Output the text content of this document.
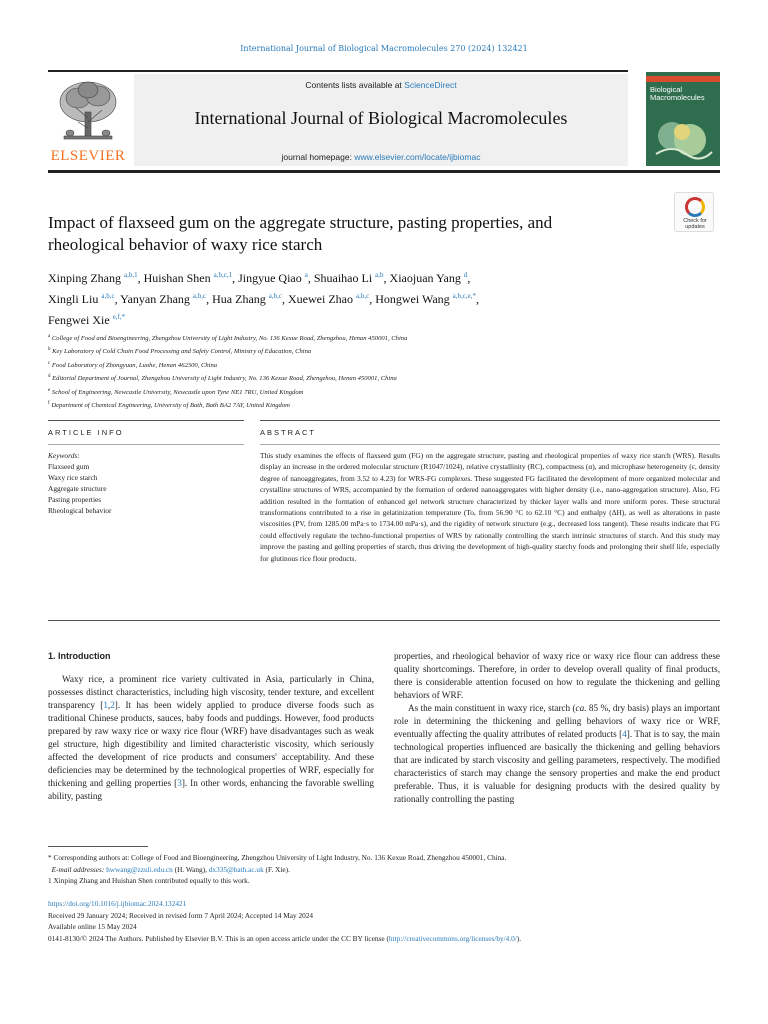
International Journal of Biological Macromolecules 270 (2024) 132421
ELSEVIER
Contents lists available at ScienceDirect
International Journal of Biological Macromolecules
journal homepage: www.elsevier.com/locate/ijbiomac
Biological Macromolecules
Impact of flaxseed gum on the aggregate structure, pasting properties, and
rheological behavior of waxy rice starch
Check for updates
Xinping Zhang $^{a,b,1}$, Huishan Shen $^{a,b,c,1}$, Jingyue Qiao $^a$, Shuaihao Li $^{a,b}$, Xiaojuan Yang $^d$,
Xingli Liu $^{a,b,c}$, Yanyan Zhang $^{a,b,c}$, Hua Zhang $^{a,b,c}$, Xuewei Zhao $^{a,b,c}$, Hongwei Wang $^{a,b,c,e,*}$,
Fengwei Xie $^{e,f,*}$
$^a$ College of Food and Bioengineering, Zhengzhou University of Light Industry, No. 136 Kexue Road, Zhengzhou, Henan 450001, China
$^b$ Key Laboratory of Cold Chain Food Processing and Safety Control, Ministry of Education, China
$^c$ Food Laboratory of Zhongyuan, Luohe, Henan 462300, China
$^d$ Editorial Department of Journal, Zhengzhou University of Light Industry, No. 136 Kexue Road, Zhengzhou, Henan 450001, China
$^e$ School of Engineering, Newcastle University, Newcastle upon Tyne NE1 7RU, United Kingdom
$^f$ Department of Chemical Engineering, University of Bath, Bath BA2 7AY, United Kingdom
ARTICLE INFO	ABSTRACT
Keywords:
Flaxseed gum
Waxy rice starch
Aggregate structure
Pasting properties
Rheological behavior
This study examines the effects of flaxseed gum (FG) on the aggregate structure, pasting and rheological properties of waxy rice starch (WRS). Results display an increase in the ordered molecular structure (R1047/1024), relative crystallinity (RC), compactness (α), and microphase heterogeneity (ε, density degree of nanoaggregates, from 3.52 to 4.23) for WRS-FG complexes. These suggested FG facilitated the development of more organized molecular and crystalline structures of WRS, accompanied by the formation of ordered nanoaggregates with higher density (i.e., nano-aggregation structure). Also, FG addition resulted in the formation of enhanced gel network structure characterized by thicker layer walls and more uniform pores. These structural transformations contributed to a rise in gelatinization temperature (To, from 56.90 °C to 62.10 °C) and enthalpy (ΔH), as well as alterations in paste viscosities (PV, from 1285.00 mPa·s to 1734.00 mPa·s), and the rigidity of network structure (e.g., decreased loss tangent). These results indicate that FG could effectively regulate the techno-functional properties of WRS by rationally controlling the starch intrinsic structures of starch. And this study may improve the pasting and gelling properties of starch, thus driving the development of high-quality starchy foods and prolonging their shelf life, especially for glutinous rice flour products.
1. Introduction

Waxy rice, a prominent rice variety cultivated in Asia, particularly in China, possesses distinct characteristics, including high viscosity, tender texture, and excellent transparency [1,2]. It has been widely applied to produce diverse foods such as traditional Chinese products, sauces, baby foods and puddings. However, food products prepared by raw waxy rice or waxy rice flour (WRF) have disadvantages such as weak gel structure, high digestibility and limited characteristic viscosity, which seriously affected the development of rice products and consumers' acceptability. And these deficiencies may be determined by the technological properties of WRF, especially for thickening and gelling properties [3]. In other words, enhancing the favorable swelling ability, pasting

properties, and rheological behavior of waxy rice or waxy rice flour can address these quality shortcomings. Therefore, in order to develop overall quality of final products, there is considerable attention focused on how to regulate the thickening and gelling behaviors of WRF.

As the main constituent in waxy rice, starch (ca. 85 %, dry basis) plays an important role in determining the thickening and gelling behaviors of waxy rice or WRF, eventually affecting the quality attributes of related products [4]. That is to say, the main technological properties influenced are basically the thickening and gelling behaviors that are indicated by starch viscosity and gelling parameters, respectively. The modified characteristics of starch may change the sensory properties and make the end product preferable. Thus, it is valuable for designing products with the desired quality by rationally controlling the pasting

* Corresponding authors at: College of Food and Bioengineering, Zhengzhou University of Light Industry, No. 136 Kexue Road, Zhengzhou 450001, China.
E-mail addresses: hwwang@zzuli.edu.cn (H. Wang), dx335@bath.ac.uk (F. Xie).
1 Xinping Zhang and Huishan Shen contributed equally to this work.
https://doi.org/10.1016/j.ijbiomac.2024.132421
Received 29 January 2024; Received in revised form 7 April 2024; Accepted 14 May 2024
Available online 15 May 2024
0141-8130/© 2024 The Authors. Published by Elsevier B.V. This is an open access article under the CC BY license (http://creativecommons.org/licenses/by/4.0/).
